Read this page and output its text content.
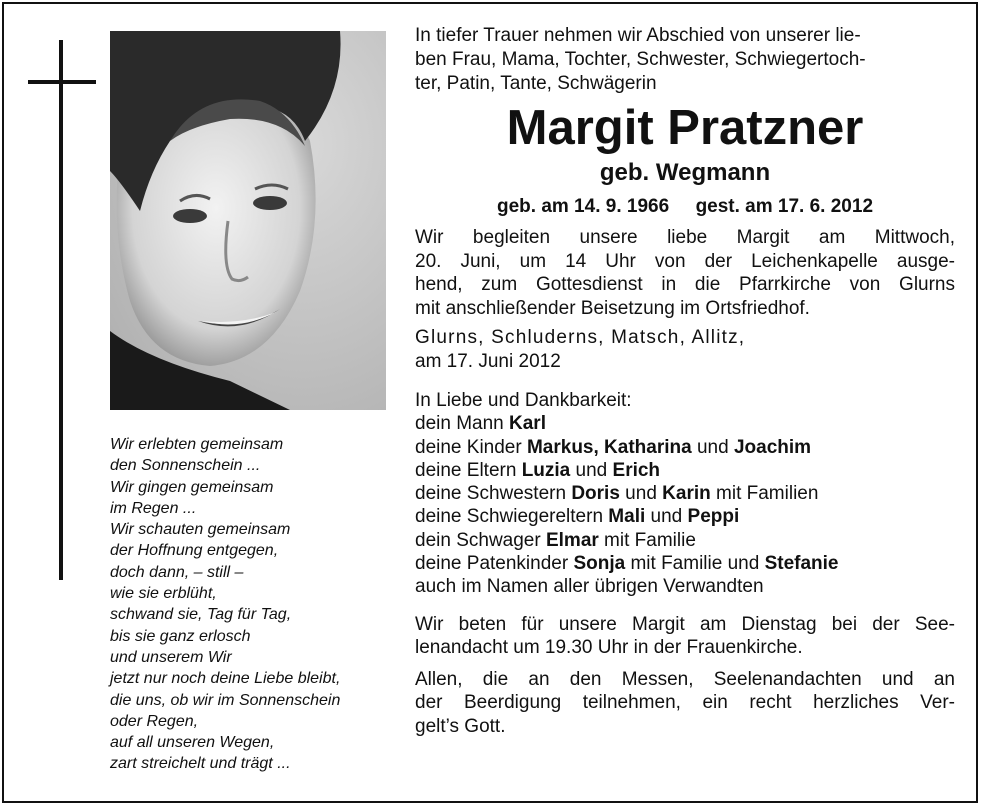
Wir erlebten gemeinsam
den Sonnenschein ...
Wir gingen gemeinsam
im Regen ...
Wir schauten gemeinsam
der Hoffnung entgegen,
doch dann, – still –
wie sie erblüht,
schwand sie, Tag für Tag,
bis sie ganz erlosch
und unserem Wir
jetzt nur noch deine Liebe bleibt,
die uns, ob wir im Sonnenschein
oder Regen,
auf all unseren Wegen,
zart streichelt und trägt ...
In tiefer Trauer nehmen wir Abschied von unserer lie-
ben Frau, Mama, Tochter, Schwester, Schwiegertoch-
ter, Patin, Tante, Schwägerin
Margit Pratzner
geb. Wegmann
geb. am 14. 9. 1966 gest. am 17. 6. 2012
Wir begleiten unsere liebe Margit am Mittwoch,
20. Juni, um 14 Uhr von der Leichenkapelle ausge-
hend, zum Gottesdienst in die Pfarrkirche von Glurns
mit anschließender Beisetzung im Ortsfriedhof.
Glurns, Schluderns, Matsch, Allitz,
am 17. Juni 2012
In Liebe und Dankbarkeit:
dein Mann Karl
deine Kinder Markus, Katharina und Joachim
deine Eltern Luzia und Erich
deine Schwestern Doris und Karin mit Familien
deine Schwiegereltern Mali und Peppi
dein Schwager Elmar mit Familie
deine Patenkinder Sonja mit Familie und Stefanie
auch im Namen aller übrigen Verwandten
Wir beten für unsere Margit am Dienstag bei der See-
lenandacht um 19.30 Uhr in der Frauenkirche.
Allen, die an den Messen, Seelenandachten und an
der Beerdigung teilnehmen, ein recht herzliches Ver-
gelt’s Gott.
